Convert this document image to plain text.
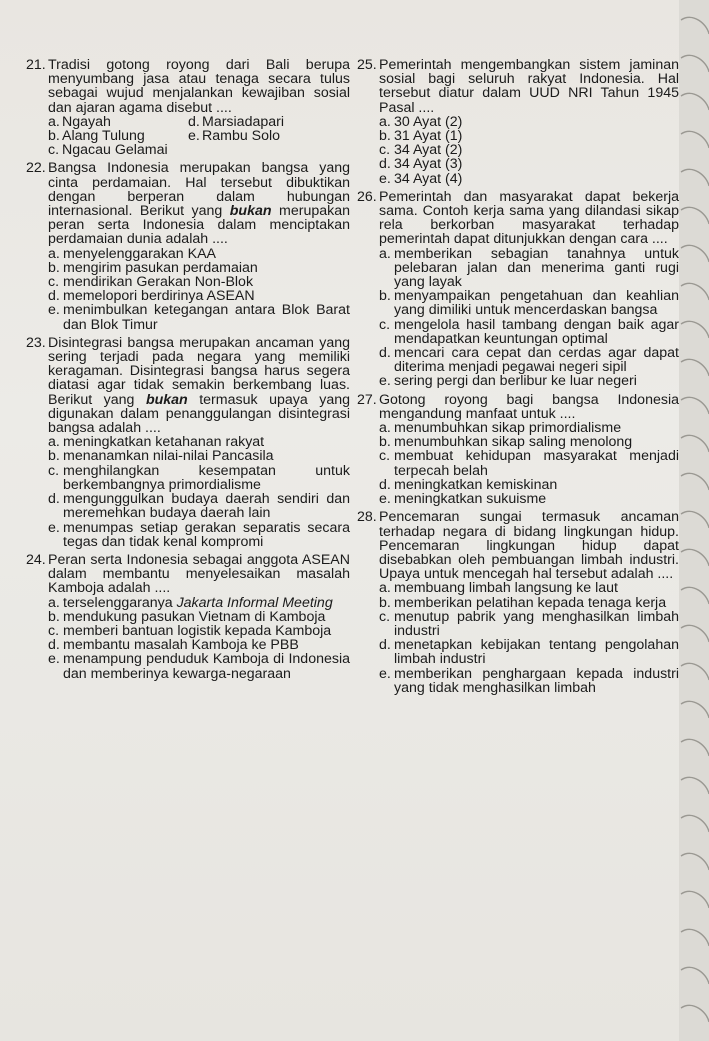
21. Tradisi gotong royong dari Bali berupa menyumbang jasa atau tenaga secara tulus sebagai wujud menjalankan kewajiban sosial dan ajaran agama disebut ....
a. Ngayah	d. Marsiadapari
b. Alang Tulung	e. Rambu Solo
c. Ngacau Gelamai
22. Bangsa Indonesia merupakan bangsa yang cinta perdamaian. Hal tersebut dibuktikan dengan berperan dalam hubungan internasional. Berikut yang bukan merupakan peran serta Indonesia dalam menciptakan perdamaian dunia adalah ....
a. menyelenggarakan KAA
b. mengirim pasukan perdamaian
c. mendirikan Gerakan Non-Blok
d. memelopori berdirinya ASEAN
e. menimbulkan ketegangan antara Blok Barat dan Blok Timur
23. Disintegrasi bangsa merupakan ancaman yang sering terjadi pada negara yang memiliki keragaman. Disintegrasi bangsa harus segera diatasi agar tidak semakin berkembang luas. Berikut yang bukan termasuk upaya yang digunakan dalam penanggulangan disintegrasi bangsa adalah ....
a. meningkatkan ketahanan rakyat
b. menanamkan nilai-nilai Pancasila
c. menghilangkan kesempatan untuk berkembangnya primordialisme
d. mengunggulkan budaya daerah sendiri dan meremehkan budaya daerah lain
e. menumpas setiap gerakan separatis secara tegas dan tidak kenal kompromi
24. Peran serta Indonesia sebagai anggota ASEAN dalam membantu menyelesaikan masalah Kamboja adalah ....
a. terselenggaranya Jakarta Informal Meeting
b. mendukung pasukan Vietnam di Kamboja
c. memberi bantuan logistik kepada Kamboja
d. membantu masalah Kamboja ke PBB
e. menampung penduduk Kamboja di Indonesia dan memberinya kewarga-negaraan
25. Pemerintah mengembangkan sistem jaminan sosial bagi seluruh rakyat Indonesia. Hal tersebut diatur dalam UUD NRI Tahun 1945 Pasal ....
a. 30 Ayat (2)
b. 31 Ayat (1)
c. 34 Ayat (2)
d. 34 Ayat (3)
e. 34 Ayat (4)
26. Pemerintah dan masyarakat dapat bekerja sama. Contoh kerja sama yang dilandasi sikap rela berkorban masyarakat terhadap pemerintah dapat ditunjukkan dengan cara ....
a. memberikan sebagian tanahnya untuk pelebaran jalan dan menerima ganti rugi yang layak
b. menyampaikan pengetahuan dan keahlian yang dimiliki untuk mencerdaskan bangsa
c. mengelola hasil tambang dengan baik agar mendapatkan keuntungan optimal
d. mencari cara cepat dan cerdas agar dapat diterima menjadi pegawai negeri sipil
e. sering pergi dan berlibur ke luar negeri
27. Gotong royong bagi bangsa Indonesia mengandung manfaat untuk ....
a. menumbuhkan sikap primordialisme
b. menumbuhkan sikap saling menolong
c. membuat kehidupan masyarakat menjadi terpecah belah
d. meningkatkan kemiskinan
e. meningkatkan sukuisme
28. Pencemaran sungai termasuk ancaman terhadap negara di bidang lingkungan hidup. Pencemaran lingkungan hidup dapat disebabkan oleh pembuangan limbah industri. Upaya untuk mencegah hal tersebut adalah ....
a. membuang limbah langsung ke laut
b. memberikan pelatihan kepada tenaga kerja
c. menutup pabrik yang menghasilkan limbah industri
d. menetapkan kebijakan tentang pengolahan limbah industri
e. memberikan penghargaan kepada industri yang tidak menghasilkan limbah
